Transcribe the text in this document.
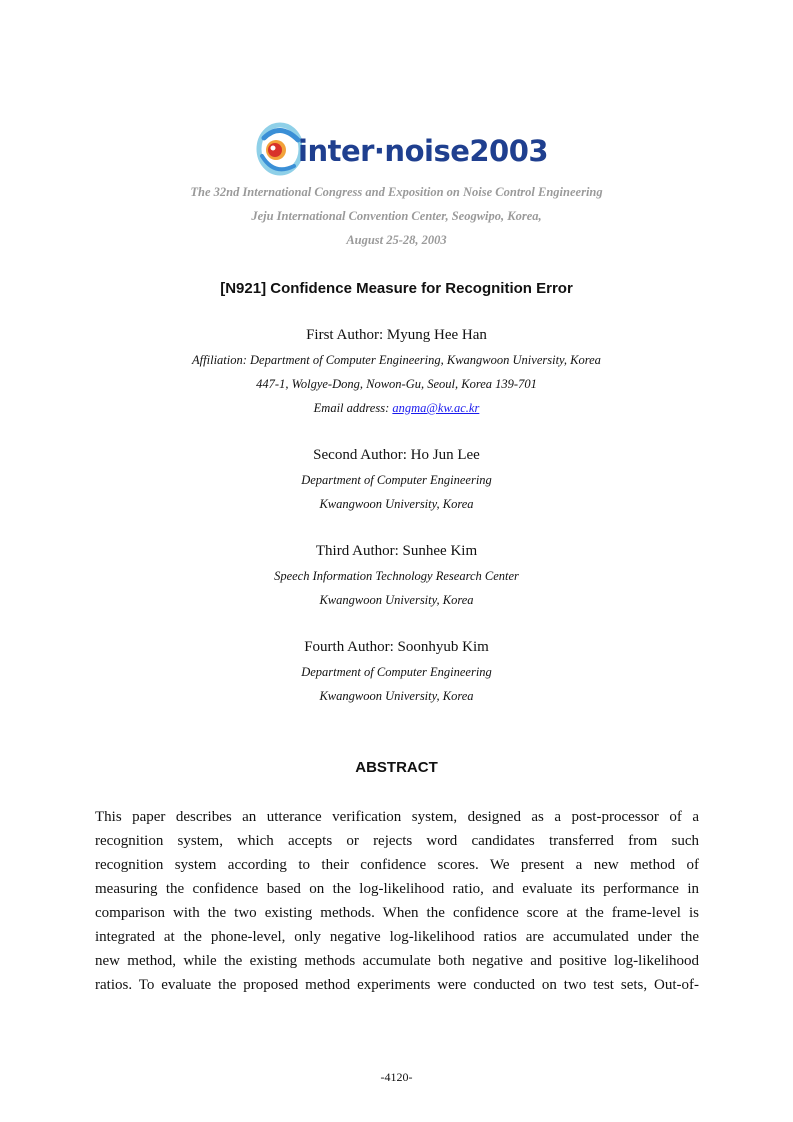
inter·noise2003
The 32nd International Congress and Exposition on Noise Control Engineering
Jeju International Convention Center, Seogwipo, Korea,
August 25-28, 2003
[N921] Confidence Measure for Recognition Error
First Author: Myung Hee Han
Affiliation: Department of Computer Engineering, Kwangwoon University, Korea
447-1, Wolgye-Dong, Nowon-Gu, Seoul, Korea 139-701
Email address: angma@kw.ac.kr
Second Author: Ho Jun Lee
Department of Computer Engineering
Kwangwoon University, Korea
Third Author: Sunhee Kim
Speech Information Technology Research Center
Kwangwoon University, Korea
Fourth Author: Soonhyub Kim
Department of Computer Engineering
Kwangwoon University, Korea
ABSTRACT
This paper describes an utterance verification system, designed as a post-processor of a
recognition system, which accepts or rejects word candidates transferred from such
recognition system according to their confidence scores. We present a new method of
measuring the confidence based on the log-likelihood ratio, and evaluate its performance in
comparison with the two existing methods. When the confidence score at the frame-level is
integrated at the phone-level, only negative log-likelihood ratios are accumulated under the
new method, while the existing methods accumulate both negative and positive log-likelihood
ratios. To evaluate the proposed method experiments were conducted on two test sets, Out-of-
-4120-
